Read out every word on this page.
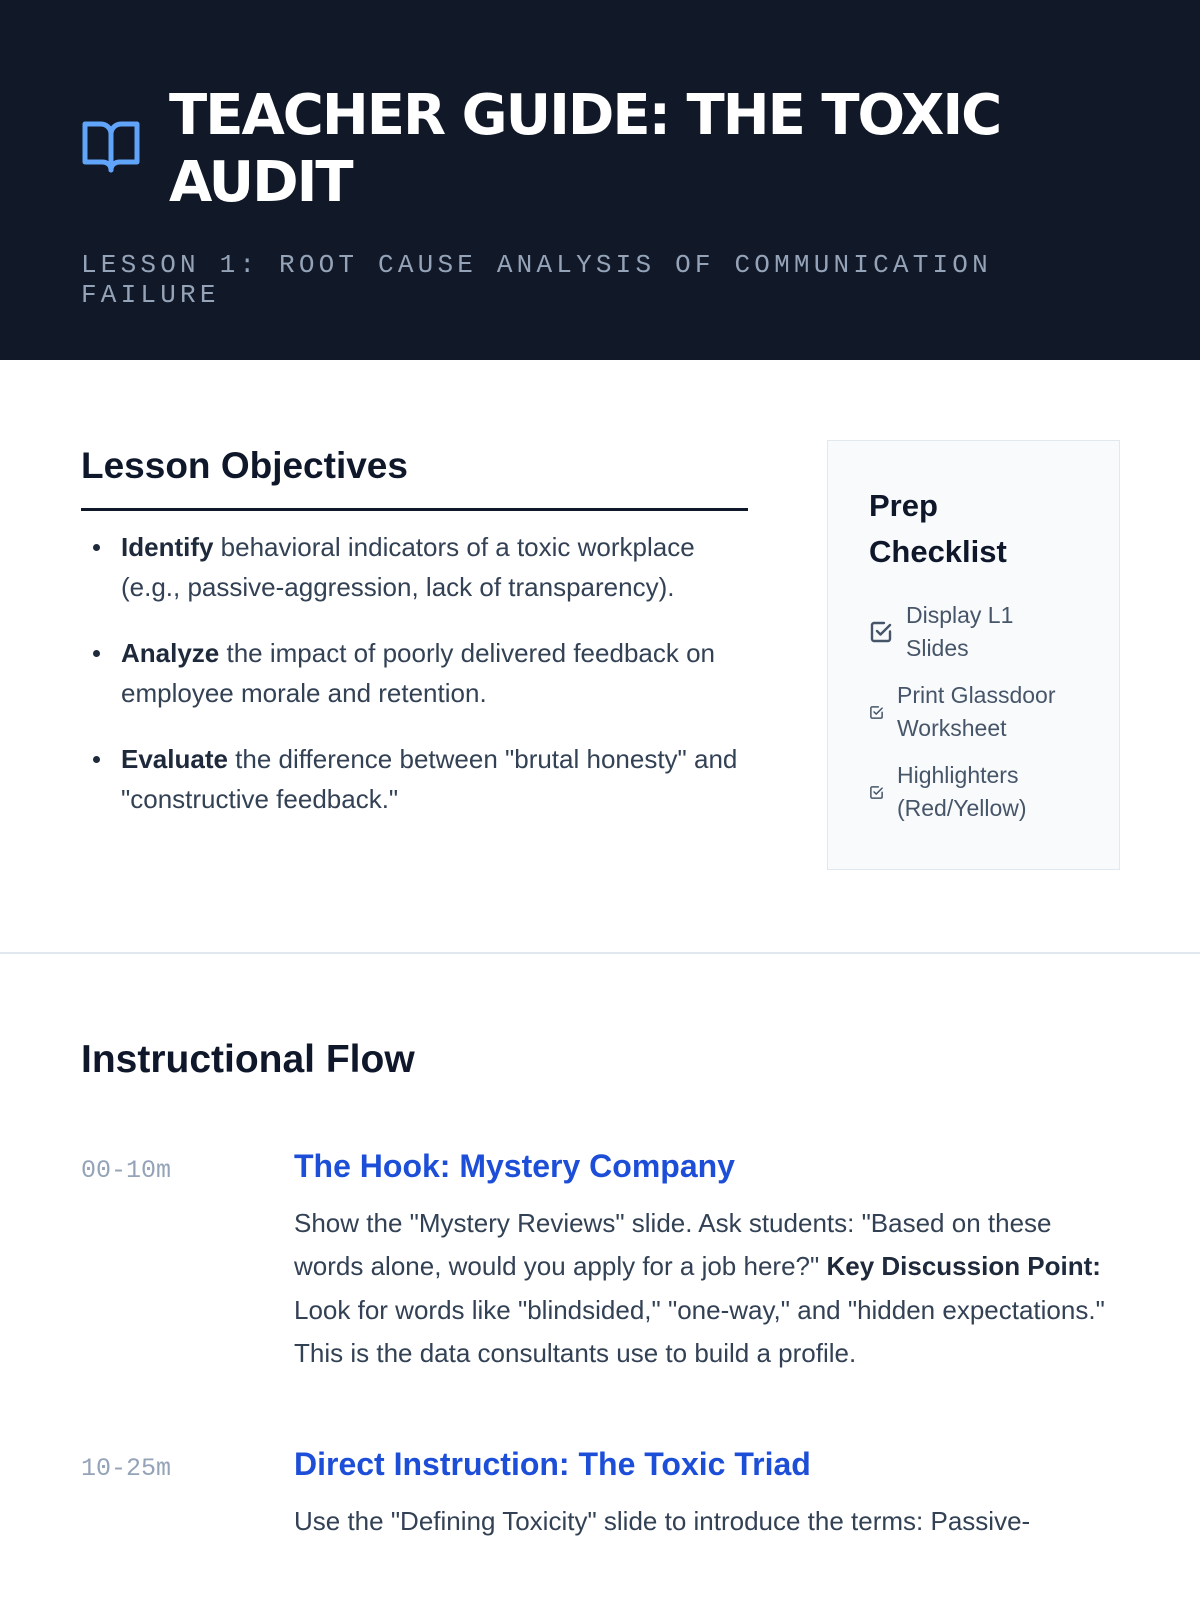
TEACHER GUIDE: THE TOXIC AUDIT
LESSON 1: ROOT CAUSE ANALYSIS OF COMMUNICATION FAILURE
Lesson Objectives
Identify behavioral indicators of a toxic workplace (e.g., passive-aggression, lack of transparency).
Analyze the impact of poorly delivered feedback on employee morale and retention.
Evaluate the difference between "brutal honesty" and "constructive feedback."
Prep Checklist
Display L1 Slides
Print Glassdoor Worksheet
Highlighters (Red/Yellow)
Instructional Flow
00-10m	The Hook: Mystery Company

Show the "Mystery Reviews" slide. Ask students: "Based on these words alone, would you apply for a job here?" Key Discussion Point: Look for words like "blindsided," "one-way," and "hidden expectations." This is the data consultants use to build a profile.

10-25m	Direct Instruction: The Toxic Triad

Use the "Defining Toxicity" slide to introduce the terms: Passive-
